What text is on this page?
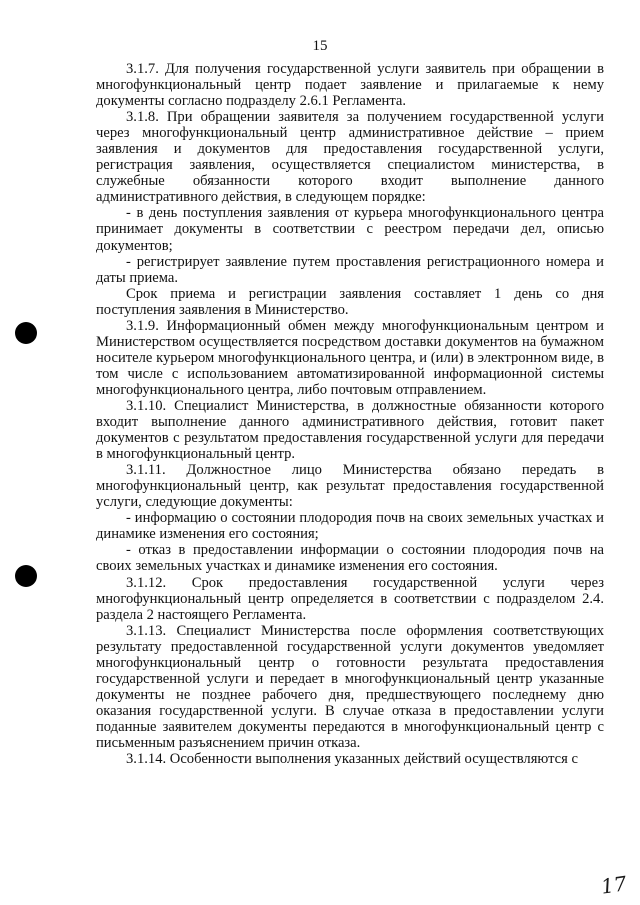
15

3.1.7. Для получения государственной услуги заявитель при обращении в многофункциональный центр подает заявление и прилагаемые к нему документы согласно подразделу 2.6.1 Регламента.

3.1.8. При обращении заявителя за получением государственной услуги через многофункциональный центр административное действие – прием заявления и документов для предоставления государственной услуги, регистрация заявления, осуществляется специалистом министерства, в служебные обязанности которого входит выполнение данного административного действия, в следующем порядке:

- в день поступления заявления от курьера многофункционального центра принимает документы в соответствии с реестром передачи дел, описью документов;

- регистрирует заявление путем проставления регистрационного номера и даты приема.

Срок приема и регистрации заявления составляет 1 день со дня поступления заявления в Министерство.

3.1.9. Информационный обмен между многофункциональным центром и Министерством осуществляется посредством доставки документов на бумажном носителе курьером многофункционального центра, и (или) в электронном виде, в том числе с использованием автоматизированной информационной системы многофункционального центра, либо почтовым отправлением.

3.1.10. Специалист Министерства, в должностные обязанности которого входит выполнение данного административного действия, готовит пакет документов с результатом предоставления государственной услуги для передачи в многофункциональный центр.

3.1.11. Должностное лицо Министерства обязано передать в многофункциональный центр, как результат предоставления государственной услуги, следующие документы:

- информацию о состоянии плодородия почв на своих земельных участках и динамике изменения его состояния;

- отказ в предоставлении информации о состоянии плодородия почв на своих земельных участках и динамике изменения его состояния.

3.1.12. Срок предоставления государственной услуги через многофункциональный центр определяется в соответствии с подразделом 2.4. раздела 2 настоящего Регламента.

3.1.13. Специалист Министерства после оформления соответствующих результату предоставленной государственной услуги документов уведомляет многофункциональный центр о готовности результата предоставления государственной услуги и передает в многофункциональный центр указанные документы не позднее рабочего дня, предшествующего последнему дню оказания государственной услуги. В случае отказа в предоставлении услуги поданные заявителем документы передаются в многофункциональный центр с письменным разъяснением причин отказа.

3.1.14. Особенности выполнения указанных действий осуществляются с

17
